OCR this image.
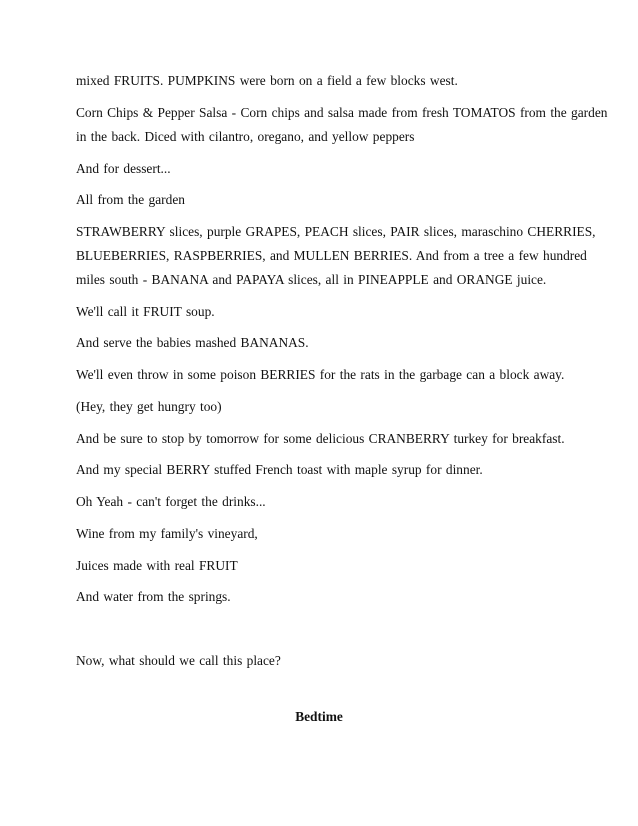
mixed FRUITS. PUMPKINS were born on a field a few blocks west.
Corn Chips & Pepper Salsa - Corn chips and salsa made from fresh TOMATOS from the garden
in the back. Diced with cilantro, oregano, and yellow peppers
And for dessert...
All from the garden
STRAWBERRY slices, purple GRAPES, PEACH slices, PAIR slices, maraschino CHERRIES,
BLUEBERRIES, RASPBERRIES, and MULLEN BERRIES. And from a tree a few hundred
miles south - BANANA and PAPAYA slices, all in PINEAPPLE and ORANGE juice.
We'll call it FRUIT soup.
And serve the babies mashed BANANAS.
We'll even throw in some poison BERRIES for the rats in the garbage can a block away.
(Hey, they get hungry too)
And be sure to stop by tomorrow for some delicious CRANBERRY turkey for breakfast.
And my special BERRY stuffed French toast with maple syrup for dinner.
Oh Yeah - can't forget the drinks...
Wine from my family's vineyard,
Juices made with real FRUIT
And water from the springs.
Now, what should we call this place?
Bedtime
